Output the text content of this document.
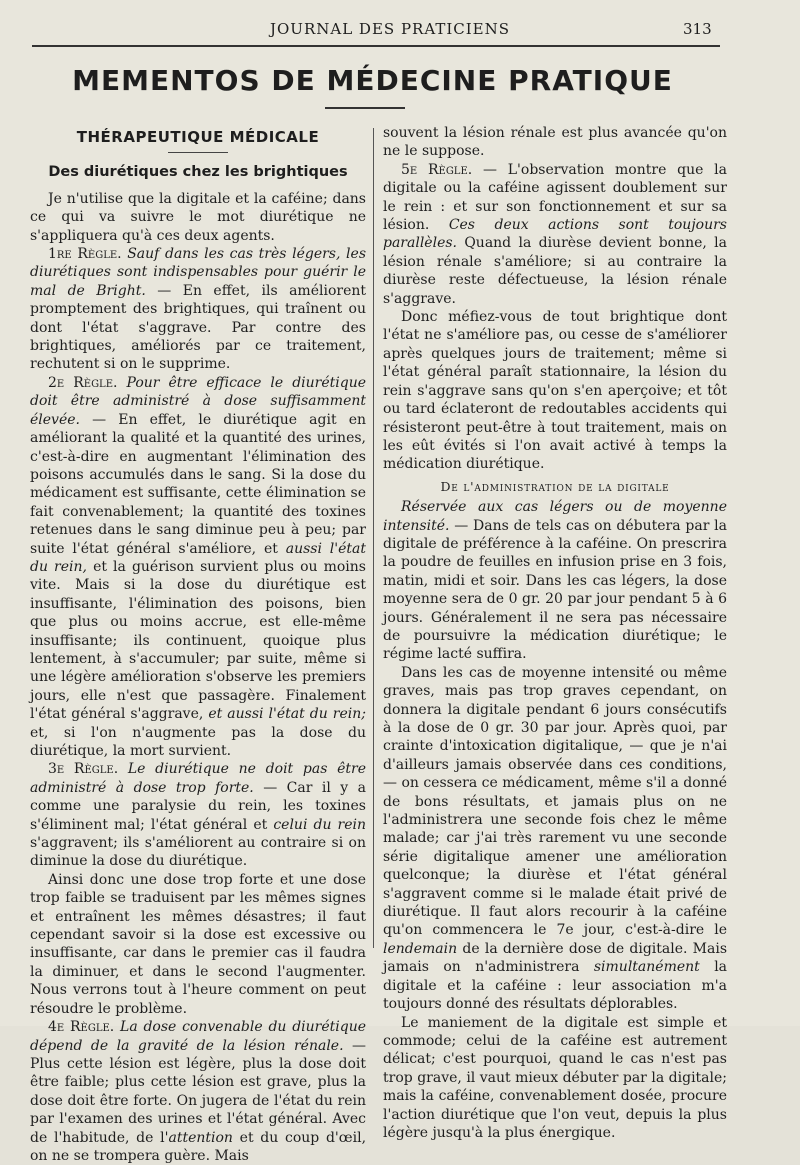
JOURNAL DES PRATICIENS	313
MEMENTOS DE MÉDECINE PRATIQUE
THÉRAPEUTIQUE MÉDICALE
Des diurétiques chez les brightiques

Je n'utilise que la digitale et la caféine; dans ce qui va suivre le mot diurétique ne s'appliquera qu'à ces deux agents.

1re Règle. Sauf dans les cas très légers, les diurétiques sont indispensables pour guérir le mal de Bright. — En effet, ils améliorent promptement des brightiques, qui traînent ou dont l'état s'aggrave. Par contre des brightiques, améliorés par ce traitement, rechutent si on le supprime.

2e Règle. Pour être efficace le diurétique doit être administré à dose suffisamment élevée. — En effet, le diurétique agit en améliorant la qualité et la quantité des urines, c'est-à-dire en augmentant l'élimination des poisons accumulés dans le sang. Si la dose du médicament est suffisante, cette élimination se fait convenablement; la quantité des toxines retenues dans le sang diminue peu à peu; par suite l'état général s'améliore, et aussi l'état du rein, et la guérison survient plus ou moins vite. Mais si la dose du diurétique est insuffisante, l'élimination des poisons, bien que plus ou moins accrue, est elle-même insuffisante; ils continuent, quoique plus lentement, à s'accumuler; par suite, même si une légère amélioration s'observe les premiers jours, elle n'est que passagère. Finalement l'état général s'aggrave, et aussi l'état du rein; et, si l'on n'augmente pas la dose du diurétique, la mort survient.

3e Règle. Le diurétique ne doit pas être administré à dose trop forte. — Car il y a comme une paralysie du rein, les toxines s'éliminent mal; l'état général et celui du rein s'aggravent; ils s'améliorent au contraire si on diminue la dose du diurétique.

Ainsi donc une dose trop forte et une dose trop faible se traduisent par les mêmes signes et entraînent les mêmes désastres; il faut cependant savoir si la dose est excessive ou insuffisante, car dans le premier cas il faudra la diminuer, et dans le second l'augmenter. Nous verrons tout à l'heure comment on peut résoudre le problème.

4e Règle. La dose convenable du diurétique dépend de la gravité de la lésion rénale. — Plus cette lésion est légère, plus la dose doit être faible; plus cette lésion est grave, plus la dose doit être forte. On jugera de l'état du rein par l'examen des urines et l'état général. Avec de l'habitude, de l'attention et du coup d'œil, on ne se trompera guère. Mais

souvent la lésion rénale est plus avancée qu'on ne le suppose.

5e Règle. — L'observation montre que la digitale ou la caféine agissent doublement sur le rein : et sur son fonctionnement et sur sa lésion. Ces deux actions sont toujours parallèles. Quand la diurèse devient bonne, la lésion rénale s'améliore; si au contraire la diurèse reste défectueuse, la lésion rénale s'aggrave.

Donc méfiez-vous de tout brightique dont l'état ne s'améliore pas, ou cesse de s'améliorer après quelques jours de traitement; même si l'état général paraît stationnaire, la lésion du rein s'aggrave sans qu'on s'en aperçoive; et tôt ou tard éclateront de redoutables accidents qui résisteront peut-être à tout traitement, mais on les eût évités si l'on avait activé à temps la médication diurétique.

De l'administration de la digitale

Réservée aux cas légers ou de moyenne intensité. — Dans de tels cas on débutera par la digitale de préférence à la caféine. On prescrira la poudre de feuilles en infusion prise en 3 fois, matin, midi et soir. Dans les cas légers, la dose moyenne sera de 0 gr. 20 par jour pendant 5 à 6 jours. Généralement il ne sera pas nécessaire de poursuivre la médication diurétique; le régime lacté suffira.

Dans les cas de moyenne intensité ou même graves, mais pas trop graves cependant, on donnera la digitale pendant 6 jours consécutifs à la dose de 0 gr. 30 par jour. Après quoi, par crainte d'intoxication digitalique, — que je n'ai d'ailleurs jamais observée dans ces conditions, — on cessera ce médicament, même s'il a donné de bons résultats, et jamais plus on ne l'administrera une seconde fois chez le même malade; car j'ai très rarement vu une seconde série digitalique amener une amélioration quelconque; la diurèse et l'état général s'aggravent comme si le malade était privé de diurétique. Il faut alors recourir à la caféine qu'on commencera le 7e jour, c'est-à-dire le lendemain de la dernière dose de digitale. Mais jamais on n'administrera simultanément la digitale et la caféine : leur association m'a toujours donné des résultats déplorables.

Le maniement de la digitale est simple et commode; celui de la caféine est autrement délicat; c'est pourquoi, quand le cas n'est pas trop grave, il vaut mieux débuter par la digitale; mais la caféine, convenablement dosée, procure l'action diurétique que l'on veut, depuis la plus légère jusqu'à la plus énergique.
